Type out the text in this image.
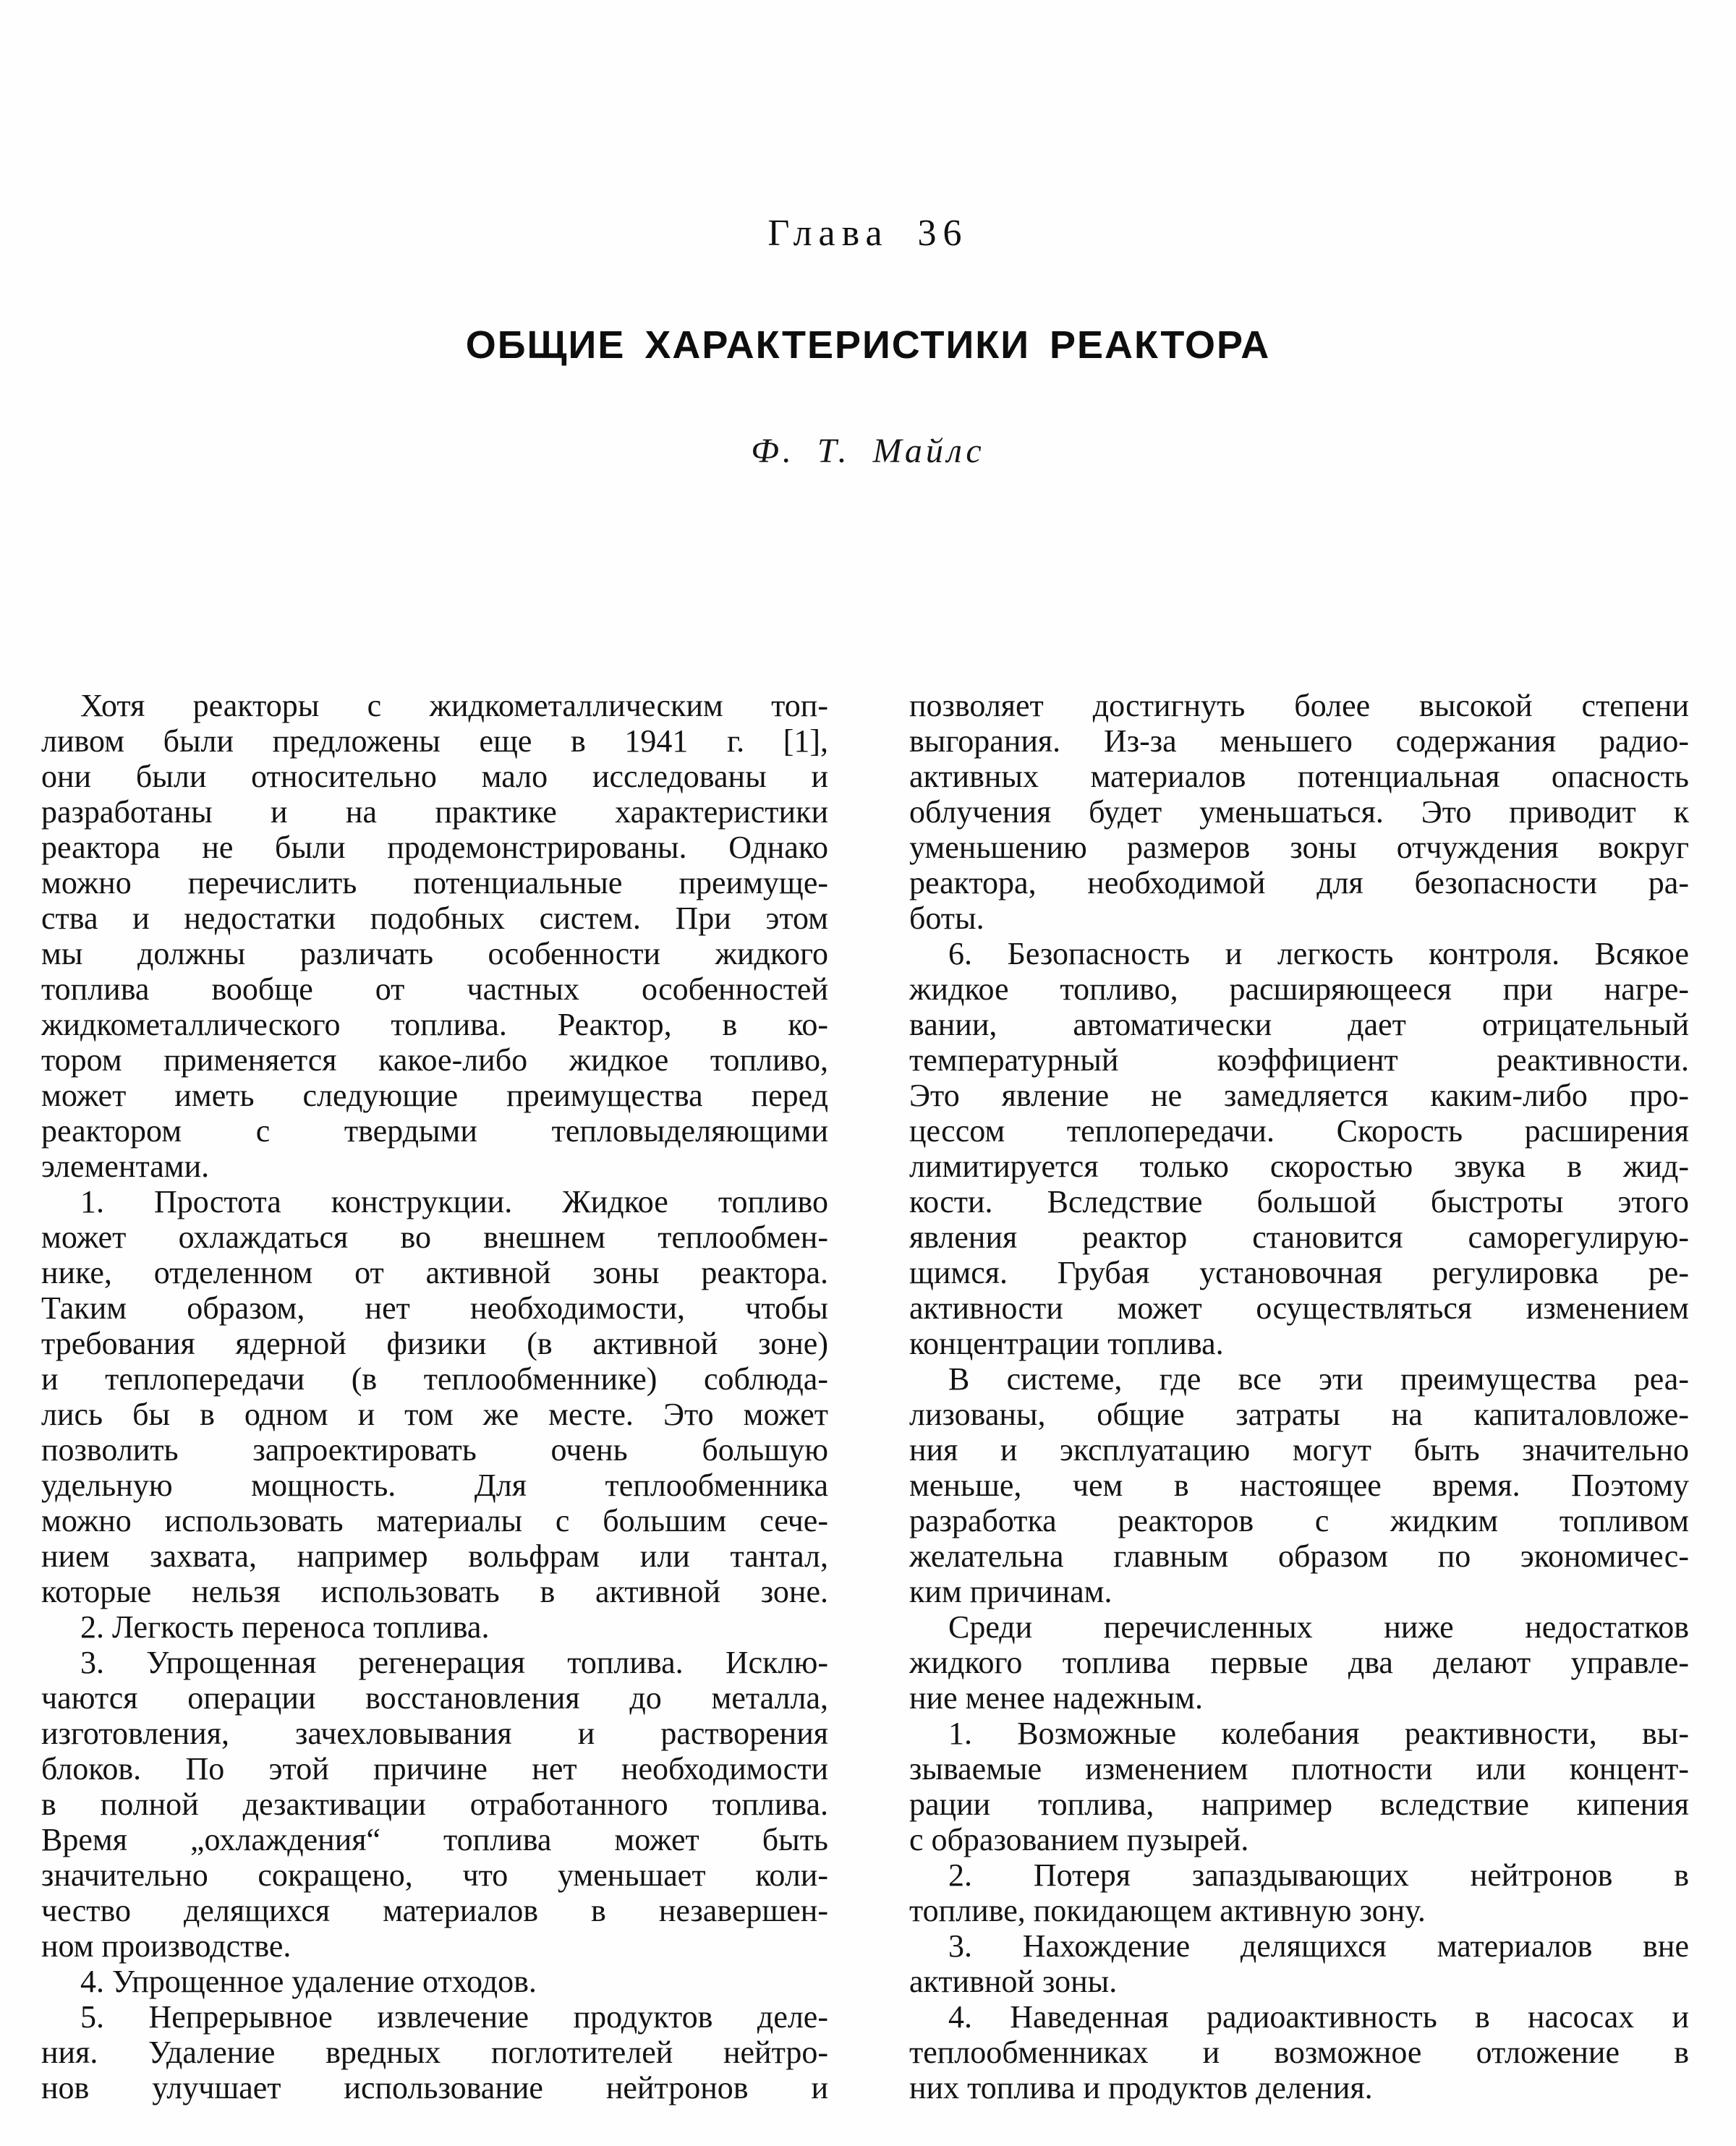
Глава 36
ОБЩИЕ ХАРАКТЕРИСТИКИ РЕАКТОРА
Ф. Т. Майлс
Хотя реакторы с жидкометаллическим топ-
ливом были предложены еще в 1941 г. [1],
они были относительно мало исследованы и
разработаны и на практике характеристики
реактора не были продемонстрированы. Однако
можно перечислить потенциальные преимуще-
ства и недостатки подобных систем. При этом
мы должны различать особенности жидкого
топлива вообще от частных особенностей
жидкометаллического топлива. Реактор, в ко-
тором применяется какое-либо жидкое топливо,
может иметь следующие преимущества перед
реактором с твердыми тепловыделяющими
элементами.
1. Простота конструкции. Жидкое топливо
может охлаждаться во внешнем теплообмен-
нике, отделенном от активной зоны реактора.
Таким образом, нет необходимости, чтобы
требования ядерной физики (в активной зоне)
и теплопередачи (в теплообменнике) соблюда-
лись бы в одном и том же месте. Это может
позволить запроектировать очень большую
удельную мощность. Для теплообменника
можно использовать материалы с большим сече-
нием захвата, например вольфрам или тантал,
которые нельзя использовать в активной зоне.
2. Легкость переноса топлива.
3. Упрощенная регенерация топлива. Исклю-
чаются операции восстановления до металла,
изготовления, зачехловывания и растворения
блоков. По этой причине нет необходимости
в полной дезактивации отработанного топлива.
Время „охлаждения“ топлива может быть
значительно сокращено, что уменьшает коли-
чество делящихся материалов в незавершен-
ном производстве.
4. Упрощенное удаление отходов.
5. Непрерывное извлечение продуктов деле-
ния. Удаление вредных поглотителей нейтро-
нов улучшает использование нейтронов и
позволяет достигнуть более высокой степени
выгорания. Из-за меньшего содержания радио-
активных материалов потенциальная опасность
облучения будет уменьшаться. Это приводит к
уменьшению размеров зоны отчуждения вокруг
реактора, необходимой для безопасности ра-
боты.
6. Безопасность и легкость контроля. Всякое
жидкое топливо, расширяющееся при нагре-
вании, автоматически дает отрицательный
температурный коэффициент реактивности.
Это явление не замедляется каким-либо про-
цессом теплопередачи. Скорость расширения
лимитируется только скоростью звука в жид-
кости. Вследствие большой быстроты этого
явления реактор становится саморегулирую-
щимся. Грубая установочная регулировка ре-
активности может осуществляться изменением
концентрации топлива.
В системе, где все эти преимущества реа-
лизованы, общие затраты на капиталовложе-
ния и эксплуатацию могут быть значительно
меньше, чем в настоящее время. Поэтому
разработка реакторов с жидким топливом
желательна главным образом по экономичес-
ким причинам.
Среди перечисленных ниже недостатков
жидкого топлива первые два делают управле-
ние менее надежным.
1. Возможные колебания реактивности, вы-
зываемые изменением плотности или концент-
рации топлива, например вследствие кипения
с образованием пузырей.
2. Потеря запаздывающих нейтронов в
топливе, покидающем активную зону.
3. Нахождение делящихся материалов вне
активной зоны.
4. Наведенная радиоактивность в насосах и
теплообменниках и возможное отложение в
них топлива и продуктов деления.
